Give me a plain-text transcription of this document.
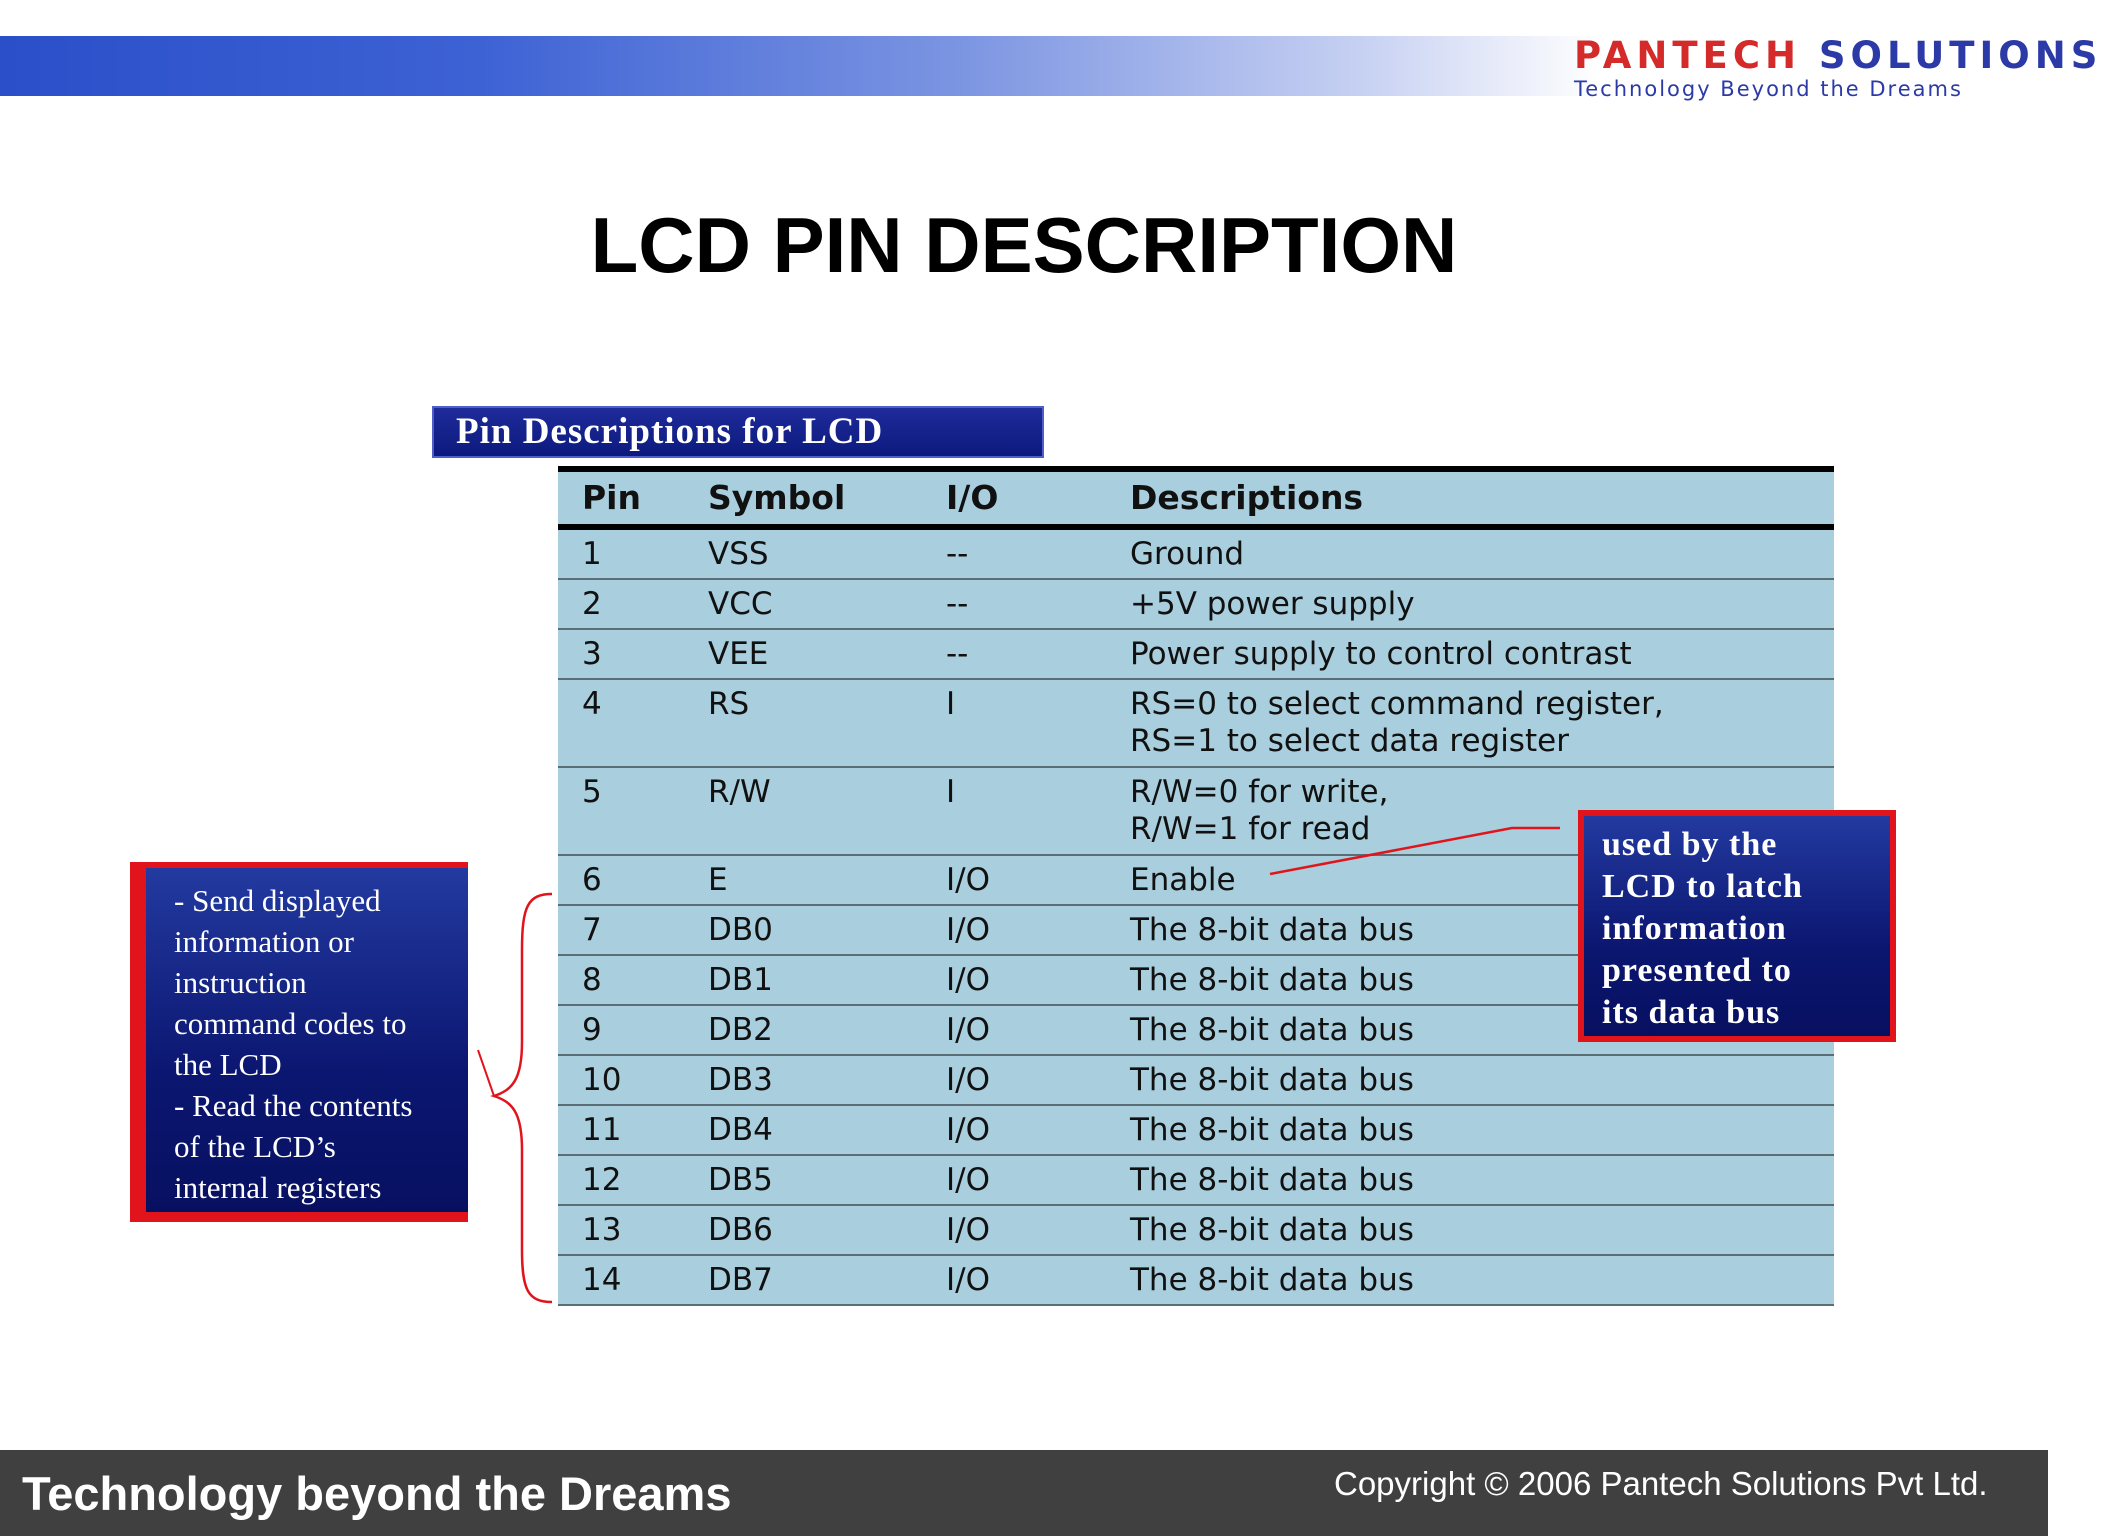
PANTECH SOLUTIONS
Technology Beyond the Dreams
LCD PIN DESCRIPTION
Pin Descriptions for LCD
Pin Symbol	I/O	Descriptions
1	VSS	--	Ground
2	VCC	--	+5V power supply
3	VEE	--	Power supply to control contrast
4	RS	I	RS=0 to select command register,
RS=1 to select data register
5	R/W	I	R/W=0 for write,
R/W=1 for read
6	E	I/O	Enable
7	DB0	I/O	The 8-bit data bus
8	DB1	I/O	The 8-bit data bus
9	DB2	I/O	The 8-bit data bus
10	DB3	I/O	The 8-bit data bus
11	DB4	I/O	The 8-bit data bus
12	DB5	I/O	The 8-bit data bus
13	DB6	I/O	The 8-bit data bus
14	DB7	I/O	The 8-bit data bus
- Send displayed
information or
instruction
command codes to
the LCD
- Read the contents
of the LCD’s
internal registers
used by the
LCD to latch
information
presented to
its data bus
Technology beyond the Dreams	Copyright © 2006 Pantech Solutions Pvt Ltd.
